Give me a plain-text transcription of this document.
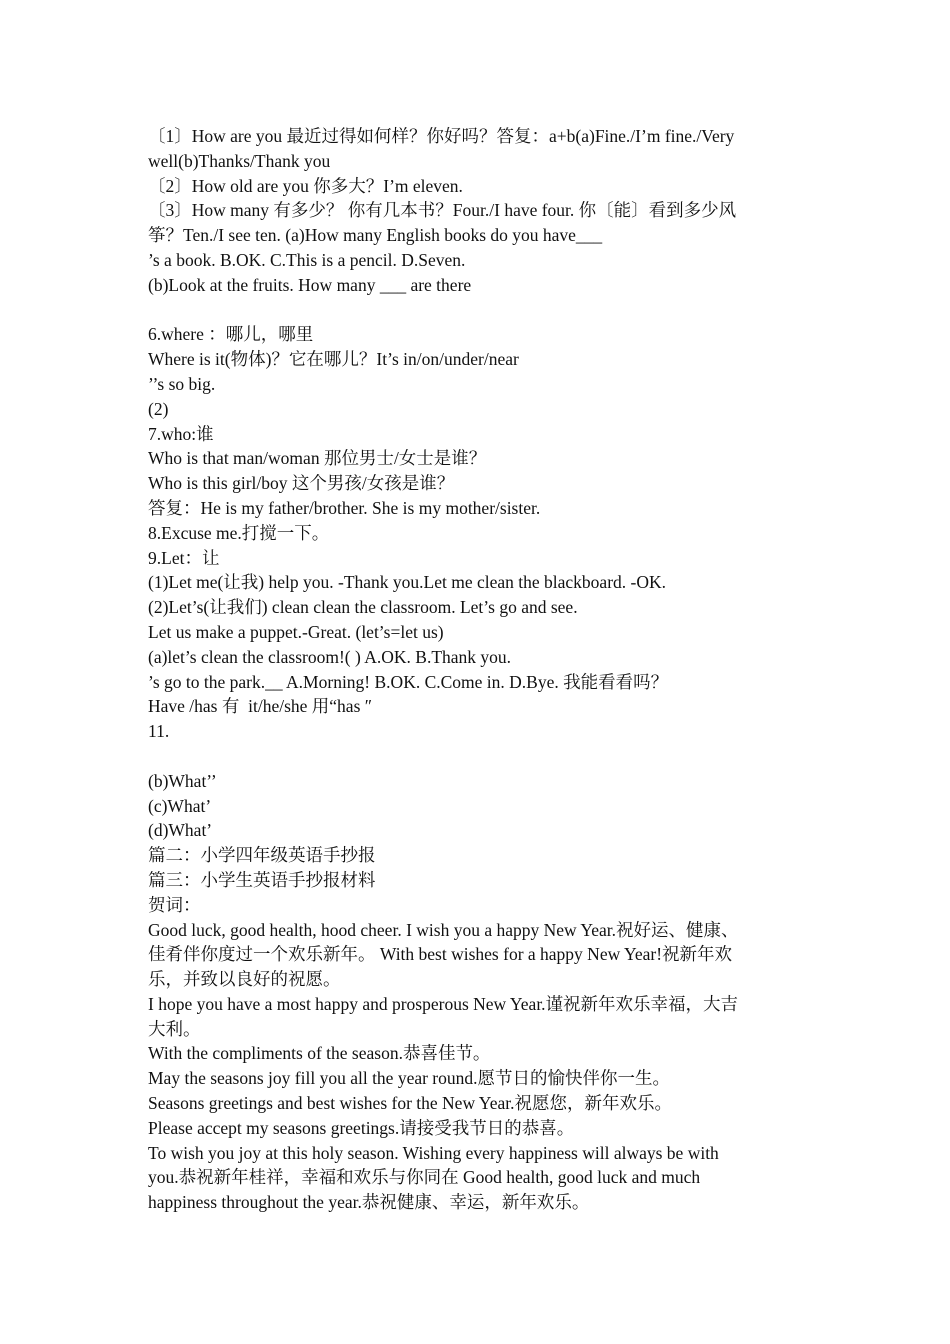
〔1〕How are you 最近过得如何样？你好吗？答复：a+b(a)Fine./I’m fine./Very
well(b)Thanks/Thank you
〔2〕How old are you 你多大？I’m eleven.
〔3〕How many 有多少？ 你有几本书？Four./I have four. 你〔能〕看到多少风
筝？Ten./I see ten. (a)How many English books do you have___
’s a book. B.OK. C.This is a pencil. D.Seven.
(b)Look at the fruits. How many ___ are there
6.where ：哪儿，哪里
Where is it(物体)？它在哪儿？It’s in/on/under/near
’’s so big.
(2)
7.who:谁
Who is that man/woman 那位男士/女士是谁？
Who is this girl/boy 这个男孩/女孩是谁？
答复：He is my father/brother. She is my mother/sister.
8.Excuse me.打搅一下。
9.Let：让
(1)Let me(让我) help you. -Thank you.Let me clean the blackboard. -OK.
(2)Let’s(让我们) clean clean the classroom. Let’s go and see.
Let us make a puppet.-Great. (let’s=let us)
(a)let’s clean the classroom!( ) A.OK. B.Thank you.
’s go to the park.__ A.Morning! B.OK. C.Come in. D.Bye. 我能看看吗？
Have /has 有  it/he/she 用“has ″
11.
(b)What’’
(c)What’
(d)What’
篇二：小学四年级英语手抄报
篇三：小学生英语手抄报材料
贺词：
Good luck, good health, hood cheer. I wish you a happy New Year.祝好运、健康、
佳肴伴你度过一个欢乐新年。 With best wishes for a happy New Year!祝新年欢
乐，并致以良好的祝愿。
I hope you have a most happy and prosperous New Year.谨祝新年欢乐幸福，大吉
大利。
With the compliments of the season.恭喜佳节。
May the seasons joy fill you all the year round.愿节日的愉快伴你一生。
Seasons greetings and best wishes for the New Year.祝愿您，新年欢乐。
Please accept my seasons greetings.请接受我节日的恭喜。
To wish you joy at this holy season. Wishing every happiness will always be with
you.恭祝新年桂祥，幸福和欢乐与你同在 Good health, good luck and much
happiness throughout the year.恭祝健康、幸运，新年欢乐。
